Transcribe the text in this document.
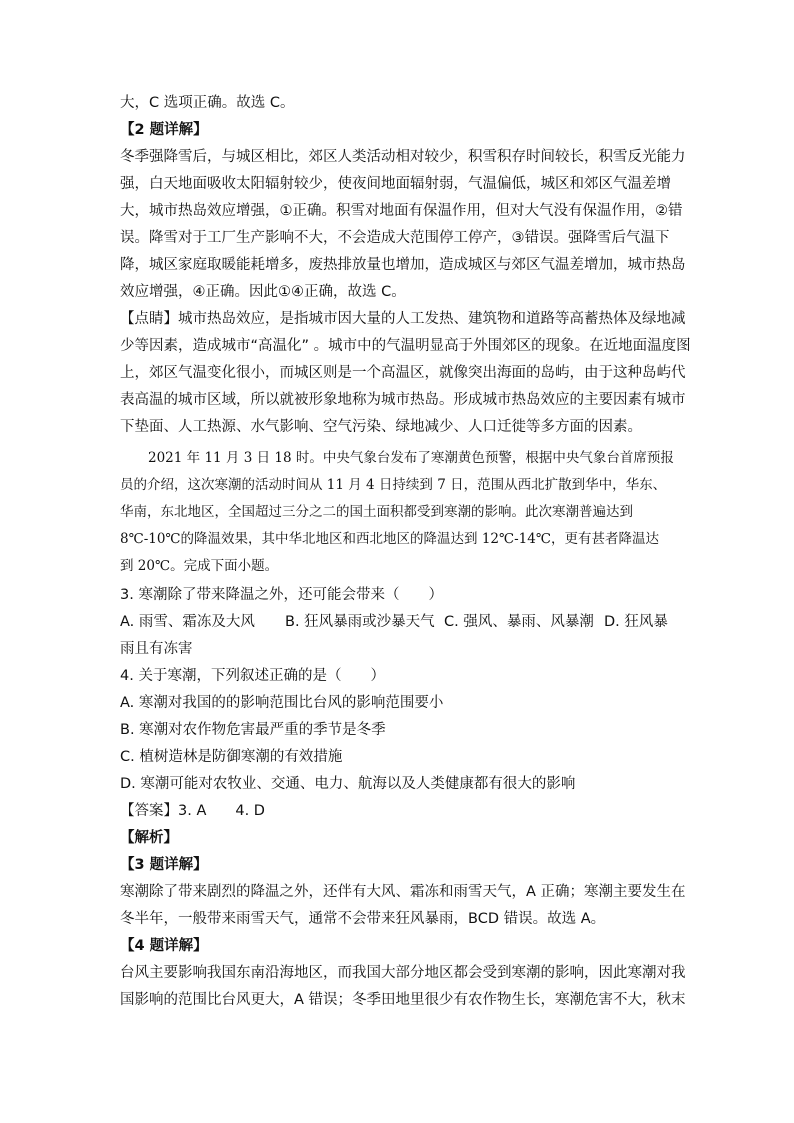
大，C 选项正确。故选 C。
【2 题详解】
冬季强降雪后，与城区相比，郊区人类活动相对较少，积雪积存时间较长，积雪反光能力
强，白天地面吸收太阳辐射较少，使夜间地面辐射弱，气温偏低，城区和郊区气温差增
大，城市热岛效应增强，①正确。积雪对地面有保温作用，但对大气没有保温作用，②错
误。降雪对于工厂生产影响不大，不会造成大范围停工停产，③错误。强降雪后气温下
降，城区家庭取暖能耗增多，废热排放量也增加，造成城区与郊区气温差增加，城市热岛
效应增强，④正确。因此①④正确，故选 C。
【点睛】城市热岛效应，是指城市因大量的人工发热、建筑物和道路等高蓄热体及绿地减
少等因素，造成城市“高温化” 。城市中的气温明显高于外围郊区的现象。在近地面温度图
上，郊区气温变化很小，而城区则是一个高温区，就像突出海面的岛屿，由于这种岛屿代
表高温的城市区域，所以就被形象地称为城市热岛。形成城市热岛效应的主要因素有城市
下垫面、人工热源、水气影响、空气污染、绿地减少、人口迁徙等多方面的因素。
2021 年 11 月 3 日 18 时。中央气象台发布了寒潮黄色预警，根据中央气象台首席预报
员的介绍，这次寒潮的活动时间从 11 月 4 日持续到 7 日，范围从西北扩散到华中，华东、
华南，东北地区，全国超过三分之二的国土面积都受到寒潮的影响。此次寒潮普遍达到
8℃-10℃的降温效果，其中华北地区和西北地区的降温达到 12℃-14℃，更有甚者降温达
到 20℃。完成下面小题。
3. 寒潮除了带来降温之外，还可能会带来（　　）
A. 雨雪、霜冻及大风 B. 狂风暴雨或沙暴天气 C. 强风、暴雨、风暴潮 D. 狂风暴
雨且有冻害
4. 关于寒潮，下列叙述正确的是（　　）
A. 寒潮对我国的的影响范围比台风的影响范围要小
B. 寒潮对农作物危害最严重的季节是冬季
C. 植树造林是防御寒潮的有效措施
D. 寒潮可能对农牧业、交通、电力、航海以及人类健康都有很大的影响
【答案】3. A　　4. D
【解析】
【3 题详解】
寒潮除了带来剧烈的降温之外，还伴有大风、霜冻和雨雪天气，A 正确；寒潮主要发生在
冬半年，一般带来雨雪天气，通常不会带来狂风暴雨，BCD 错误。故选 A。
【4 题详解】
台风主要影响我国东南沿海地区，而我国大部分地区都会受到寒潮的影响，因此寒潮对我
国影响的范围比台风更大，A 错误；冬季田地里很少有农作物生长，寒潮危害不大，秋末
